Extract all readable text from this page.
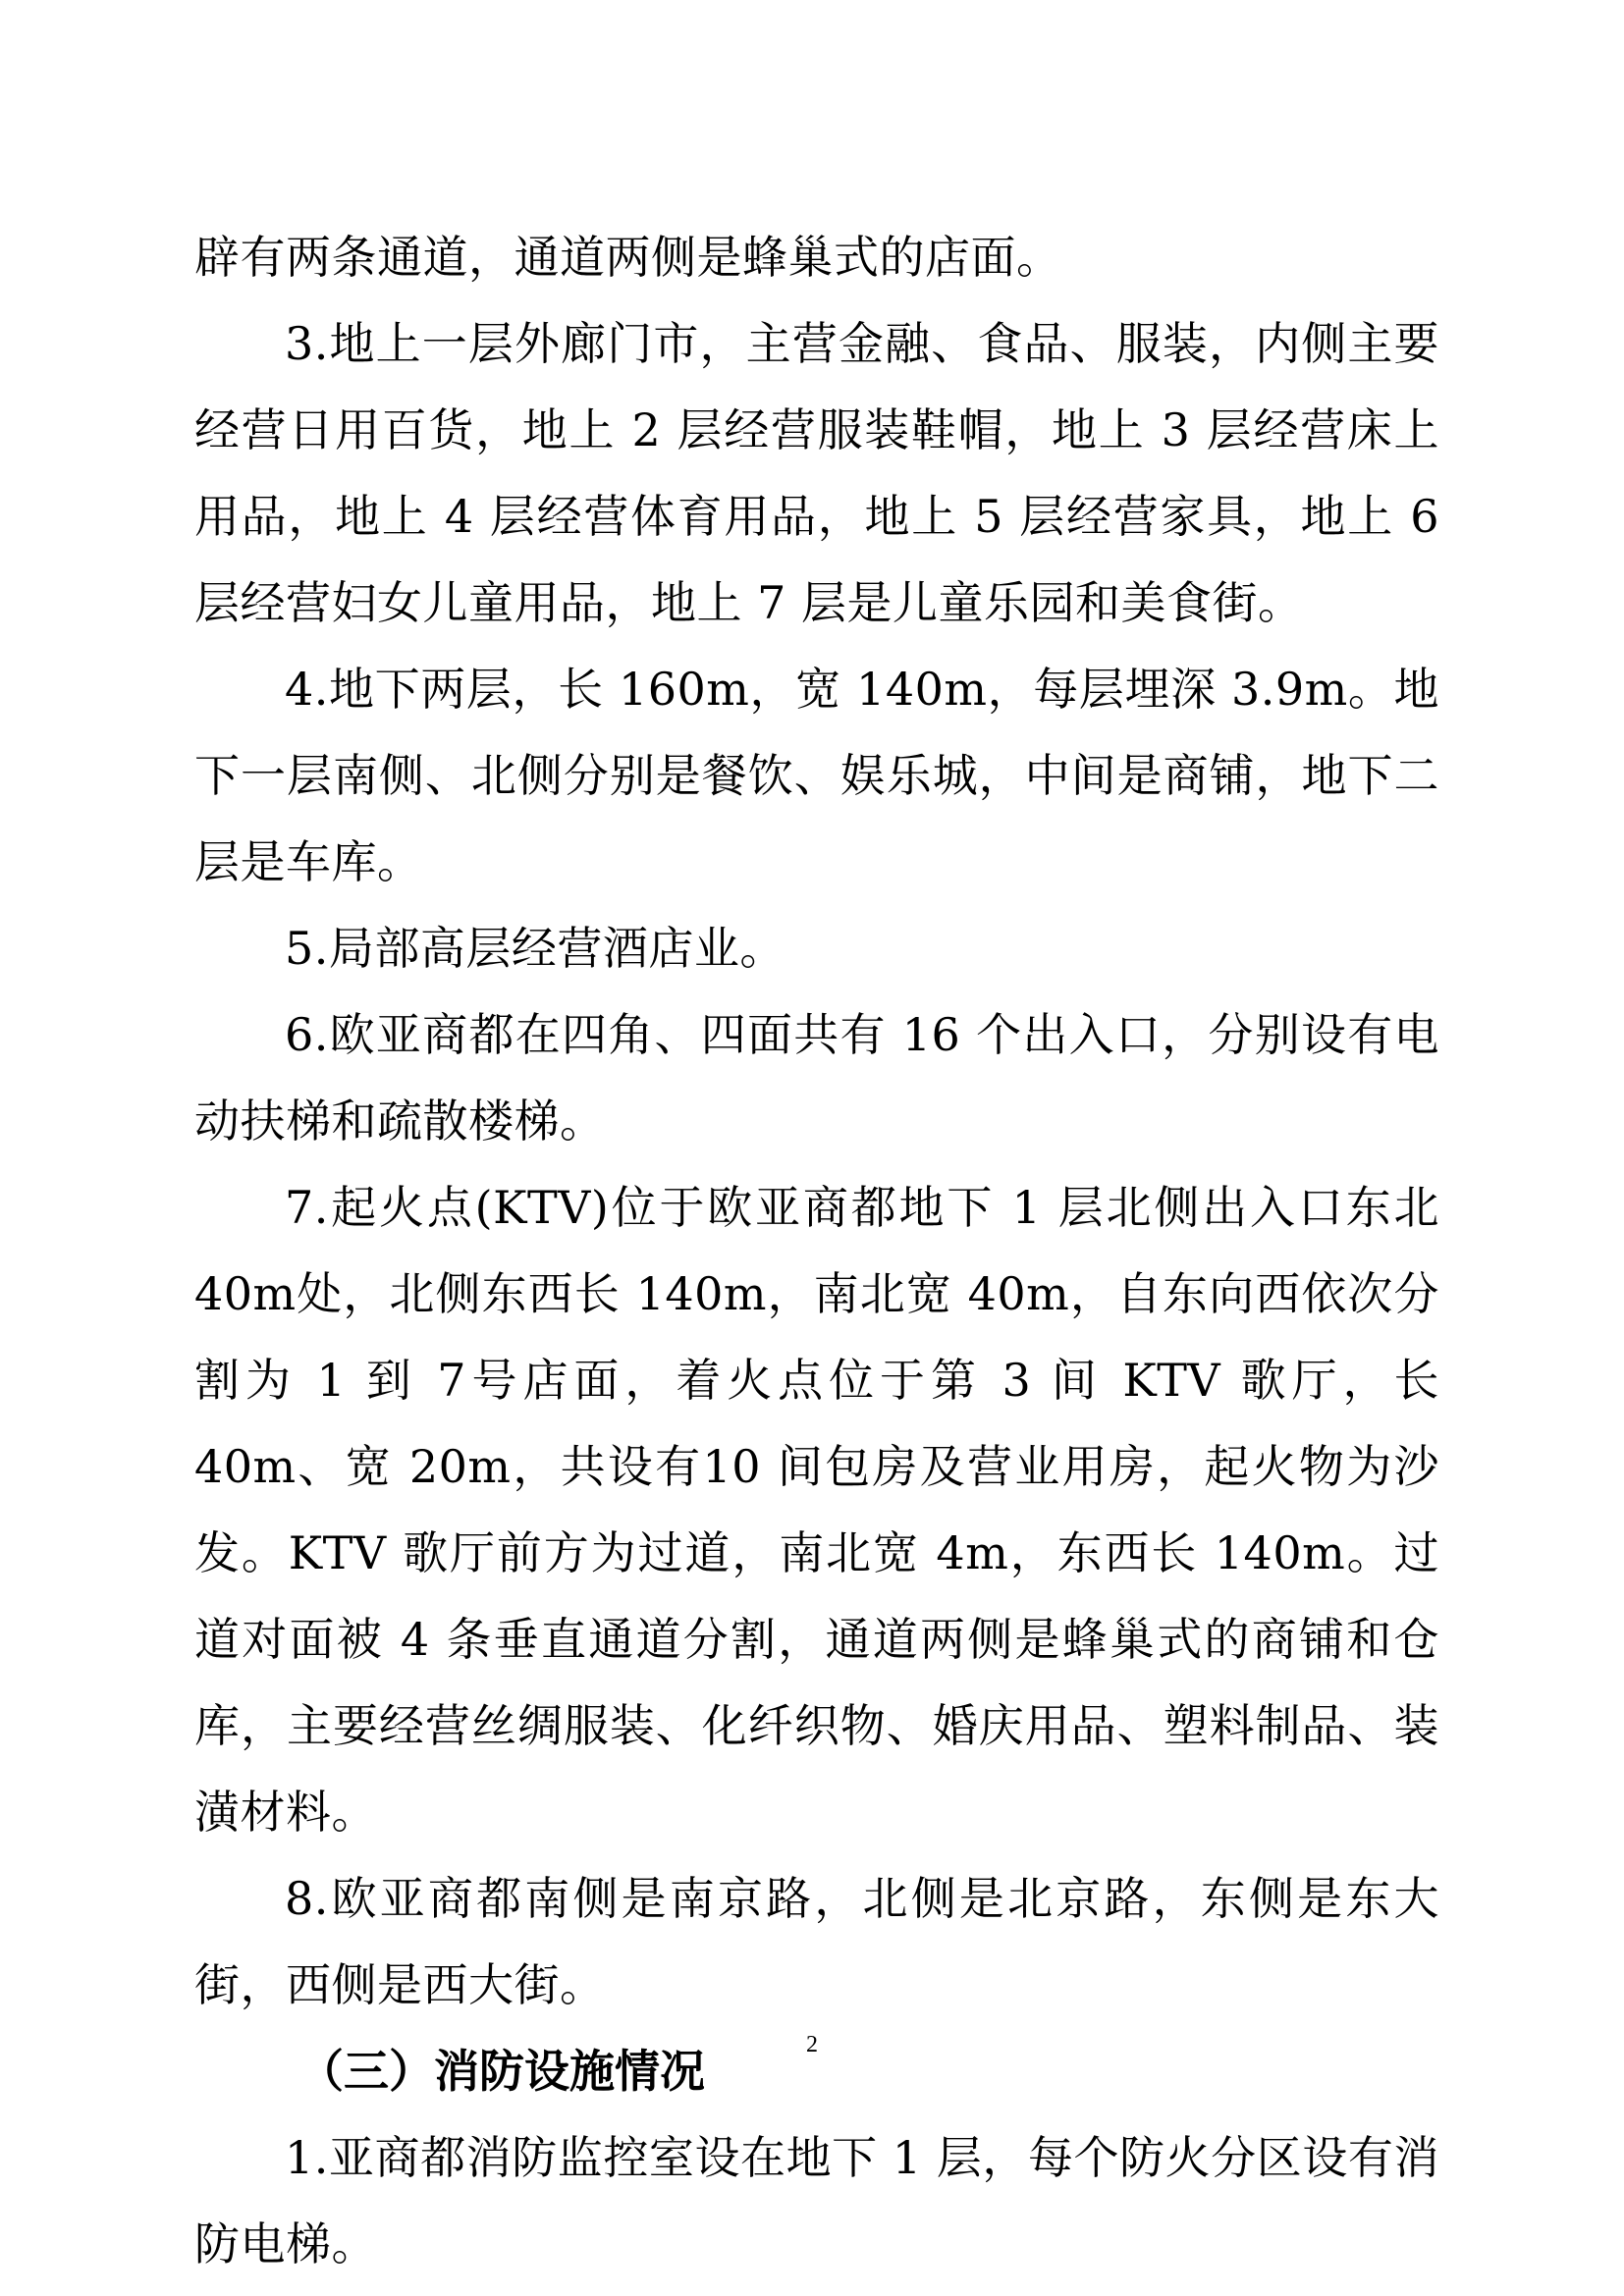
辟有两条通道，通道两侧是蜂巢式的店面。

3.地上一层外廊门市，主营金融、食品、服装，内侧主要经营日用百货，地上 2 层经营服装鞋帽，地上 3 层经营床上用品，地上 4 层经营体育用品，地上 5 层经营家具，地上 6 层经营妇女儿童用品，地上 7 层是儿童乐园和美食街。

4.地下两层，长 160m，宽 140m，每层埋深 3.9m。地下一层南侧、北侧分别是餐饮、娱乐城，中间是商铺，地下二层是车库。

5.局部高层经营酒店业。

6.欧亚商都在四角、四面共有 16 个出入口，分别设有电动扶梯和疏散楼梯。

7.起火点(KTV)位于欧亚商都地下 1 层北侧出入口东北 40m处，北侧东西长 140m，南北宽 40m，自东向西依次分割为 1 到 7号店面，着火点位于第 3 间 KTV 歌厅，长 40m、宽 20m，共设有10 间包房及营业用房，起火物为沙发。KTV 歌厅前方为过道，南北宽 4m，东西长 140m。过道对面被 4 条垂直通道分割，通道两侧是蜂巢式的商铺和仓库，主要经营丝绸服装、化纤织物、婚庆用品、塑料制品、装潢材料。

8.欧亚商都南侧是南京路，北侧是北京路，东侧是东大街，西侧是西大街。

（三）消防设施情况

1.亚商都消防监控室设在地下 1 层，每个防火分区设有消防电梯。

2
